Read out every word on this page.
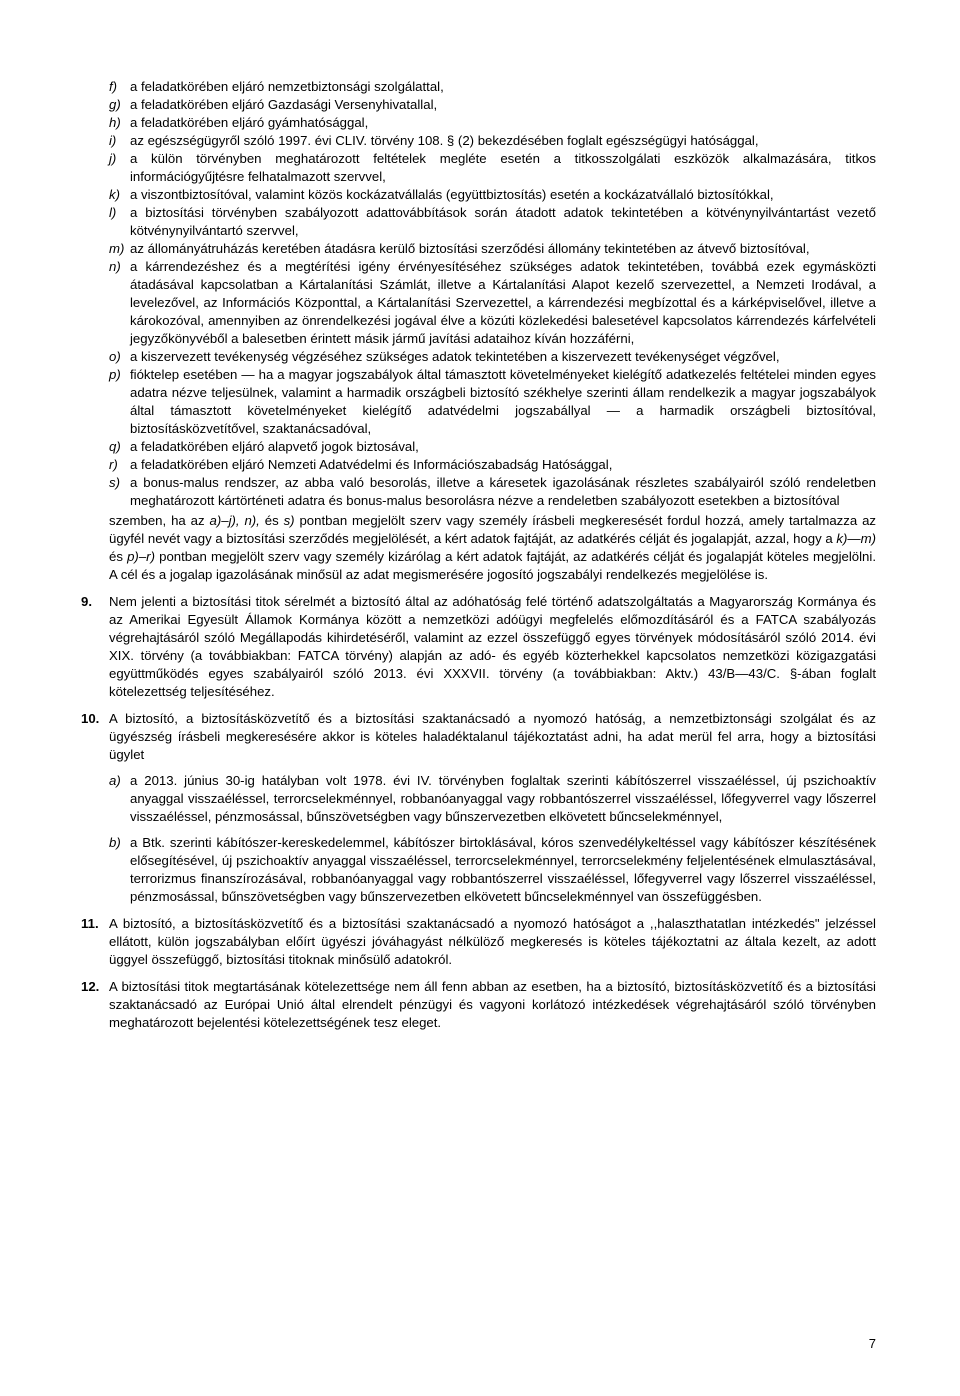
f) a feladatkörében eljáró nemzetbiztonsági szolgálattal,
g) a feladatkörében eljáró Gazdasági Versenyhivatallal,
h) a feladatkörében eljáró gyámhatósággal,
i) az egészségügyről szóló 1997. évi CLIV. törvény 108. § (2) bekezdésében foglalt egészségügyi hatósággal,
j) a külön törvényben meghatározott feltételek megléte esetén a titkosszolgálati eszközök alkalmazására, titkos információgyűjtésre felhatalmazott szervvel,
k) a viszontbiztosítóval, valamint közös kockázatvállalás (együttbiztosítás) esetén a kockázatvállaló biztosítókkal,
l) a biztosítási törvényben szabályozott adattovábbítások során átadott adatok tekintetében a kötvénynyilvántartást vezető kötvénynyilvántartó szervvel,
m) az állományátruházás keretében átadásra kerülő biztosítási szerződési állomány tekintetében az átvevő biztosítóval,
n) a kárrendezéshez és a megtérítési igény érvényesítéséhez szükséges adatok tekintetében, továbbá ezek egymásközti átadásával kapcsolatban a Kártalanítási Számlát, illetve a Kártalanítási Alapot kezelő szervezettel, a Nemzeti Irodával, a levelezővel, az Információs Központtal, a Kártalanítási Szervezettel, a kárrendezési megbízottal és a kárképviselővel, illetve a károkozóval, amennyiben az önrendelkezési jogával élve a közúti közlekedési balesetével kapcsolatos kárrendezés kárfelvételi jegyzőkönyvéből a balesetben érintett másik jármű javítási adataihoz kíván hozzáférni,
o) a kiszervezett tevékenység végzéséhez szükséges adatok tekintetében a kiszervezett tevékenységet végzővel,
p) fióktelep esetében — ha a magyar jogszabályok által támasztott követelményeket kielégítő adatkezelés feltételei minden egyes adatra nézve teljesülnek, valamint a harmadik országbeli biztosító székhelye szerinti állam rendelkezik a magyar jogszabályok által támasztott követelményeket kielégítő adatvédelmi jogszabállyal — a harmadik országbeli biztosítóval, biztosításközvetítővel, szaktanácsadóval,
q) a feladatkörében eljáró alapvető jogok biztosával,
r) a feladatkörében eljáró Nemzeti Adatvédelmi és Információszabadság Hatósággal,
s) a bonus-malus rendszer, az abba való besorolás, illetve a káresetek igazolásának részletes szabályairól szóló rendeletben meghatározott kártörténeti adatra és bonus-malus besorolásra nézve a rendeletben szabályozott esetekben a biztosítóval
szemben, ha az a)–j), n), és s) pontban megjelölt szerv vagy személy írásbeli megkeresését fordul hozzá, amely tartalmazza az ügyfél nevét vagy a biztosítási szerződés megjelölését, a kért adatok fajtáját, az adatkérés célját és jogalapját, azzal, hogy a k)—m) és p)–r) pontban megjelölt szerv vagy személy kizárólag a kért adatok fajtáját, az adatkérés célját és jogalapját köteles megjelölni. A cél és a jogalap igazolásának minősül az adat megismerésére jogosító jogszabályi rendelkezés megjelölése is.
9. Nem jelenti a biztosítási titok sérelmét a biztosító által az adóhatóság felé történő adatszolgáltatás a Magyarország Kormánya és az Amerikai Egyesült Államok Kormánya között a nemzetközi adóügyi megfelelés előmozdításáról és a FATCA szabályozás végrehajtásáról szóló Megállapodás kihirdetéséről, valamint az ezzel összefüggő egyes törvények módosításáról szóló 2014. évi XIX. törvény (a továbbiakban: FATCA törvény) alapján az adó- és egyéb közterhekkel kapcsolatos nemzetközi közigazgatási együttműködés egyes szabályairól szóló 2013. évi XXXVII. törvény (a továbbiakban: Aktv.) 43/B—43/C. §-ában foglalt kötelezettség teljesítéséhez.
10. A biztosító, a biztosításközvetítő és a biztosítási szaktanácsadó a nyomozó hatóság, a nemzetbiztonsági szolgálat és az ügyészség írásbeli megkeresésére akkor is köteles haladéktalanul tájékoztatást adni, ha adat merül fel arra, hogy a biztosítási ügylet
a) a 2013. június 30-ig hatályban volt 1978. évi IV. törvényben foglaltak szerinti kábítószerrel visszaéléssel, új pszichoaktív anyaggal visszaéléssel, terrorcselekménnyel, robbanóanyaggal vagy robbantószerrel visszaéléssel, lőfegyverrel vagy lőszerrel visszaéléssel, pénzmosással, bűnszövetségben vagy bűnszervezetben elkövetett bűncselekménnyel,
b) a Btk. szerinti kábítószer-kereskedelemmel, kábítószer birtoklásával, kóros szenvedélykeltéssel vagy kábítószer készítésének elősegítésével, új pszichoaktív anyaggal visszaéléssel, terrorcselekménnyel, terrorcselekmény feljelentésének elmulasztásával, terrorizmus finanszírozásával, robbanóanyaggal vagy robbantószerrel visszaéléssel, lőfegyverrel vagy lőszerrel visszaéléssel, pénzmosással, bűnszövetségben vagy bűnszervezetben elkövetett bűncselekménnyel van összefüggésben.
11. A biztosító, a biztosításközvetítő és a biztosítási szaktanácsadó a nyomozó hatóságot a ,,halaszthatatlan intézkedés" jelzéssel ellátott, külön jogszabályban előírt ügyészi jóváhagyást nélkülöző megkeresés is köteles tájékoztatni az általa kezelt, az adott üggyel összefüggő, biztosítási titoknak minősülő adatokról.
12. A biztosítási titok megtartásának kötelezettsége nem áll fenn abban az esetben, ha a biztosító, biztosításközvetítő és a biztosítási szaktanácsadó az Európai Unió által elrendelt pénzügyi és vagyoni korlátozó intézkedések végrehajtásáról szóló törvényben meghatározott bejelentési kötelezettségének tesz eleget.
7
